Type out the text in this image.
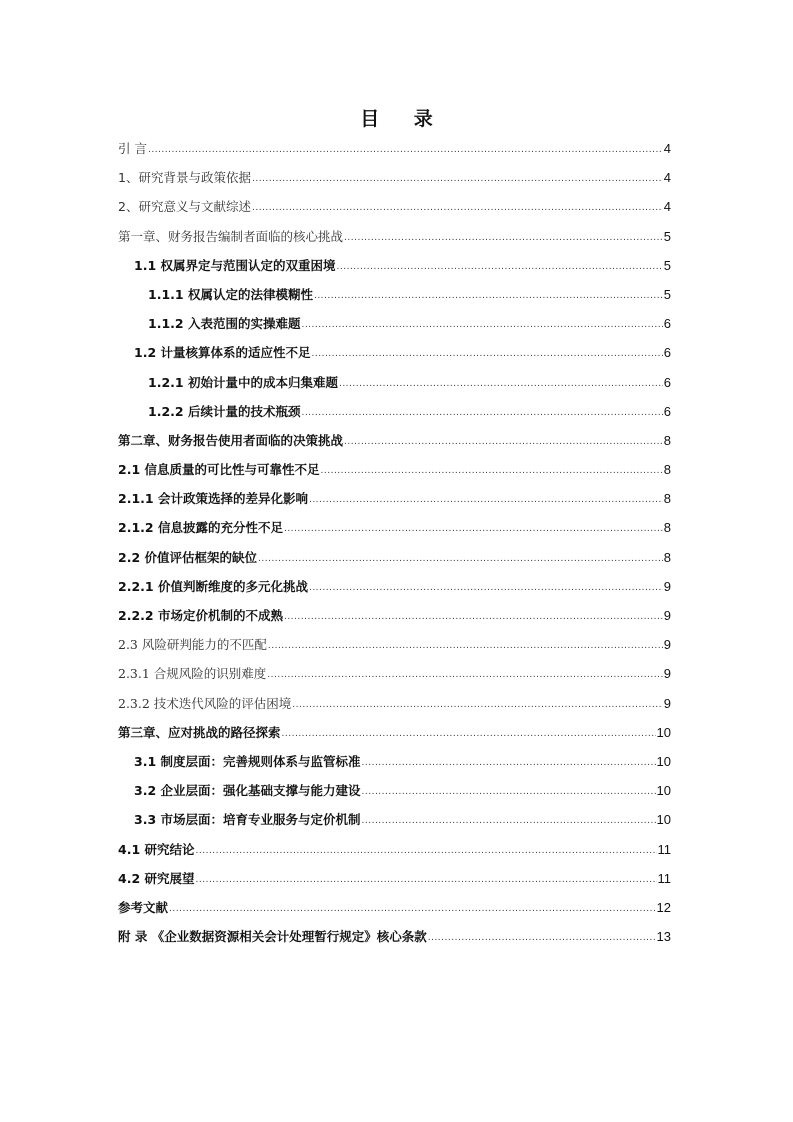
目 录
引 言 .....	4
1、研究背景与政策依据 .....	4
2、研究意义与文献综述 .....	4
第一章、财务报告编制者面临的核心挑战 .....	5
1.1 权属界定与范围认定的双重困境 .....	5
1.1.1 权属认定的法律模糊性 .....	5
1.1.2 入表范围的实操难题 .....	6
1.2 计量核算体系的适应性不足 .....	6
1.2.1 初始计量中的成本归集难题 .....	6
1.2.2 后续计量的技术瓶颈 .....	6
第二章、财务报告使用者面临的决策挑战 .....	8
2.1 信息质量的可比性与可靠性不足 .....	8
2.1.1 会计政策选择的差异化影响 .....	8
2.1.2 信息披露的充分性不足 .....	8
2.2 价值评估框架的缺位 .....	8
2.2.1 价值判断维度的多元化挑战 .....	9
2.2.2 市场定价机制的不成熟 .....	9
2.3 风险研判能力的不匹配 .....	9
2.3.1 合规风险的识别难度 .....	9
2.3.2 技术迭代风险的评估困境 .....	9
第三章、应对挑战的路径探索 .....	10
3.1 制度层面：完善规则体系与监管标准 .....	10
3.2 企业层面：强化基础支撑与能力建设 .....	10
3.3 市场层面：培育专业服务与定价机制 .....	10
4.1 研究结论 .....	11
4.2 研究展望 .....	11
参考文献 .....	12
附 录 《企业数据资源相关会计处理暂行规定》核心条款 .....	13
